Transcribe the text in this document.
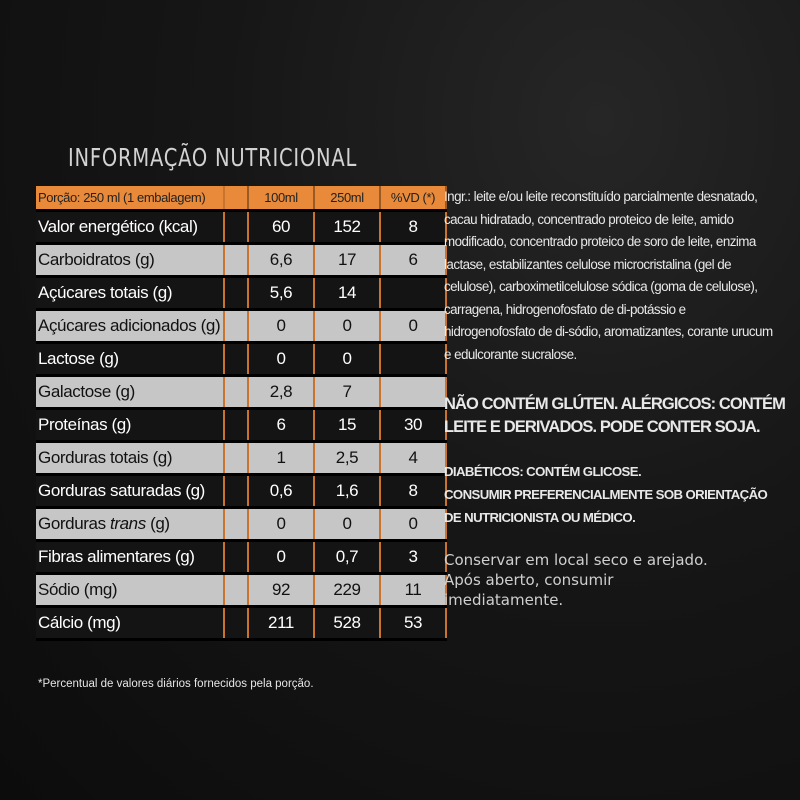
INFORMAÇÃO NUTRICIONAL
Porção: 250 ml (1 embalagem)		100ml	250ml	%VD (*)
Valor energético (kcal)		60	152	8
Carboidratos (g)		6,6	17	6
Açúcares totais (g)		5,6	14	
Açúcares adicionados (g)		0	0	0
Lactose (g)		0	0	
Galactose (g)		2,8	7	
Proteínas (g)		6	15	30
Gorduras totais (g)		1	2,5	4
Gorduras saturadas (g)		0,6	1,6	8
Gorduras trans (g)		0	0	0
Fibras alimentares (g)		0	0,7	3
Sódio (mg)		92	229	11
Cálcio (mg)		211	528	53
*Percentual de valores diários fornecidos pela porção.
Ingr.: leite e/ou leite reconstituído parcialmente desnatado, cacau hidratado, concentrado proteico de leite, amido modificado, concentrado proteico de soro de leite, enzima lactase, estabilizantes celulose microcristalina (gel de celulose), carboximetilcelulose sódica (goma de celulose), carragena, hidrogenofosfato de di-potássio e hidrogenofosfato de di-sódio, aromatizantes, corante urucum e edulcorante sucralose.
NÃO CONTÉM GLÚTEN. ALÉRGICOS: CONTÉM LEITE E DERIVADOS. PODE CONTER SOJA.
DIABÉTICOS: CONTÉM GLICOSE.
CONSUMIR PREFERENCIALMENTE SOB ORIENTAÇÃO
DE NUTRICIONISTA OU MÉDICO.
Conservar em local seco e arejado.
Após aberto, consumir
imediatamente.
